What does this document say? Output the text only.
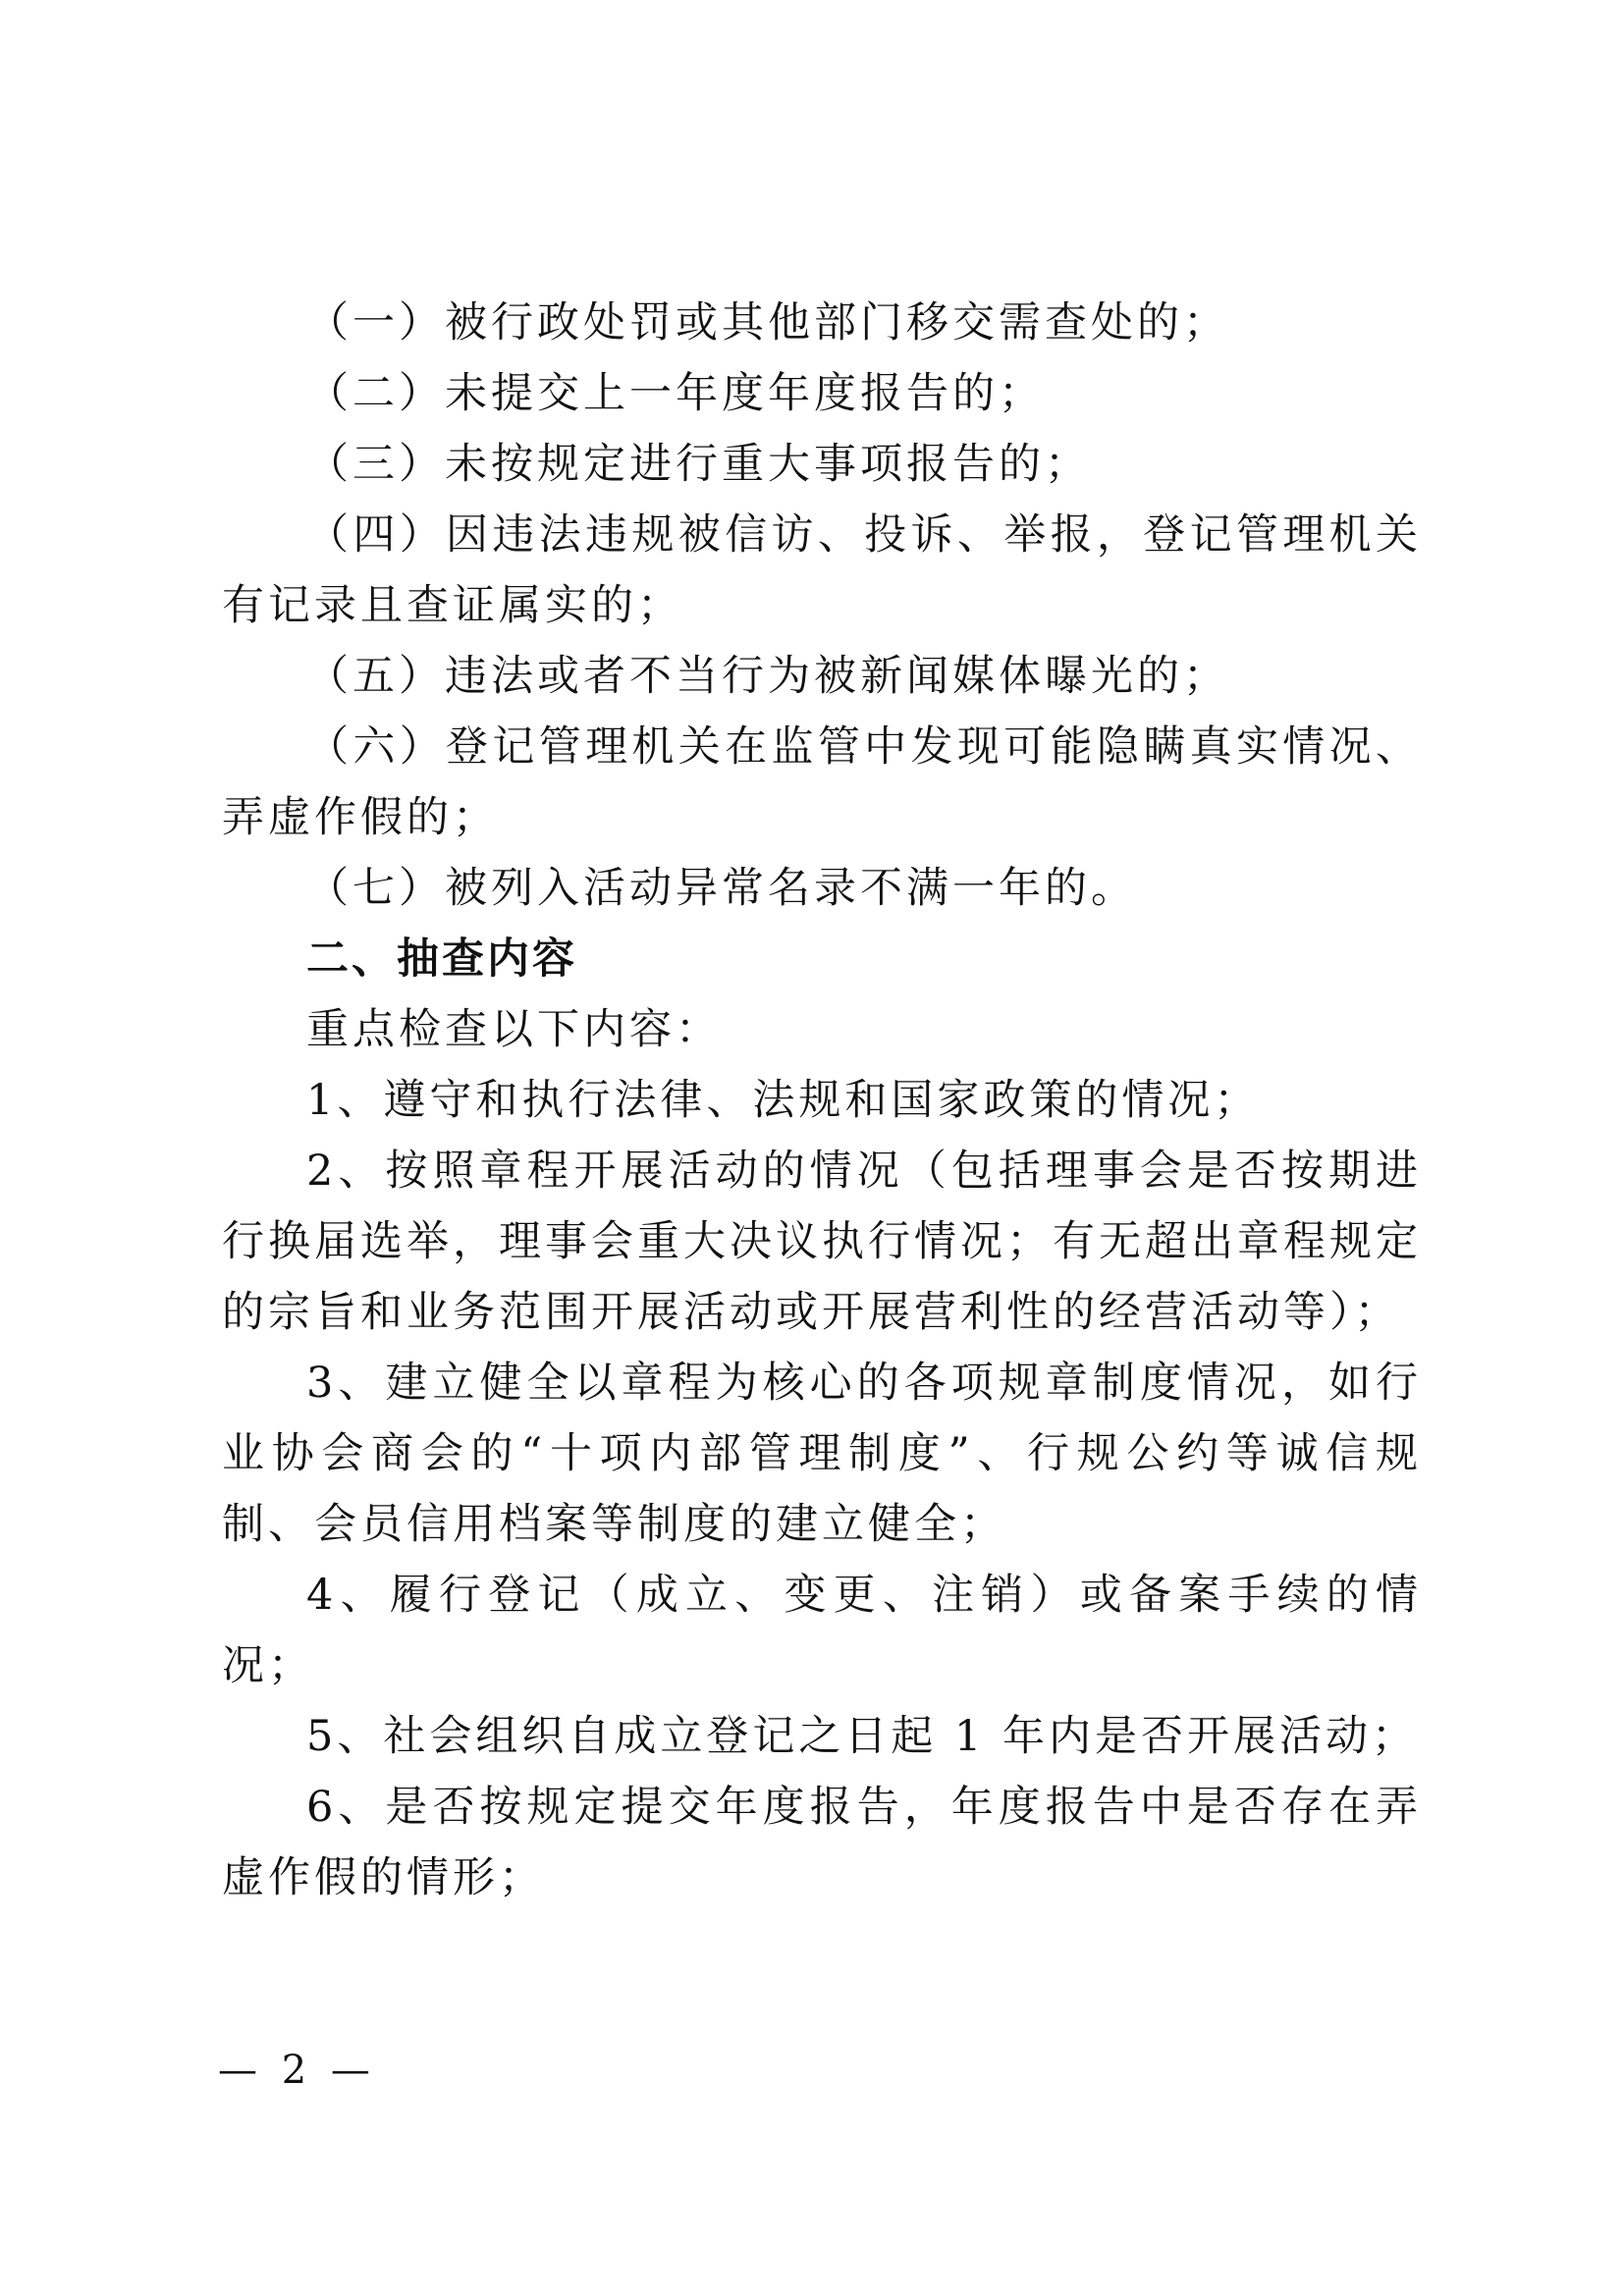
（一）被行政处罚或其他部门移交需查处的；

（二）未提交上一年度年度报告的；

（三）未按规定进行重大事项报告的；

（四）因违法违规被信访、投诉、举报，登记管理机关有记录且查证属实的；

（五）违法或者不当行为被新闻媒体曝光的；

（六）登记管理机关在监管中发现可能隐瞒真实情况、弄虚作假的；

（七）被列入活动异常名录不满一年的。

二、抽查内容

重点检查以下内容：

1、遵守和执行法律、法规和国家政策的情况；

2、按照章程开展活动的情况（包括理事会是否按期进行换届选举，理事会重大决议执行情况；有无超出章程规定的宗旨和业务范围开展活动或开展营利性的经营活动等）；

3、建立健全以章程为核心的各项规章制度情况，如行业协会商会的“十项内部管理制度”、行规公约等诚信规制、会员信用档案等制度的建立健全；

4、履行登记（成立、变更、注销）或备案手续的情况；

5、社会组织自成立登记之日起 1 年内是否开展活动；

6、是否按规定提交年度报告，年度报告中是否存在弄虚作假的情形；

— 2 —
